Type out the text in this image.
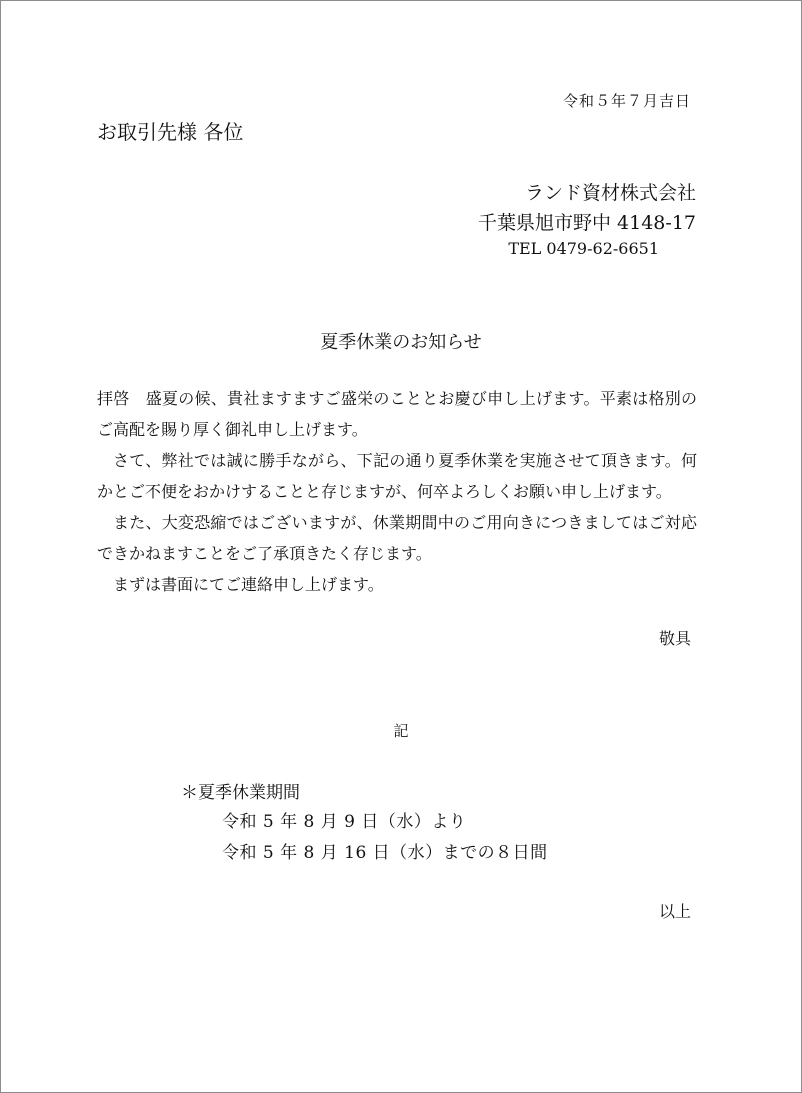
令和５年７月吉日
お取引先様 各位
ランド資材株式会社
千葉県旭市野中 4148-17
TEL 0479-62-6651
夏季休業のお知らせ

拝啓　盛夏の候、貴社ますますご盛栄のこととお慶び申し上げます。平素は格別のご高配を賜り厚く御礼申し上げます。

さて、弊社では誠に勝手ながら、下記の通り夏季休業を実施させて頂きます。何かとご不便をおかけすることと存じますが、何卒よろしくお願い申し上げます。

また、大変恐縮ではございますが、休業期間中のご用向きにつきましてはご対応できかねますことをご了承頂きたく存じます。

まずは書面にてご連絡申し上げます。

敬具
記
＊夏季休業期間
令和 5 年 8 月 9 日（水）より
令和 5 年 8 月 16 日（水）までの８日間
以上
